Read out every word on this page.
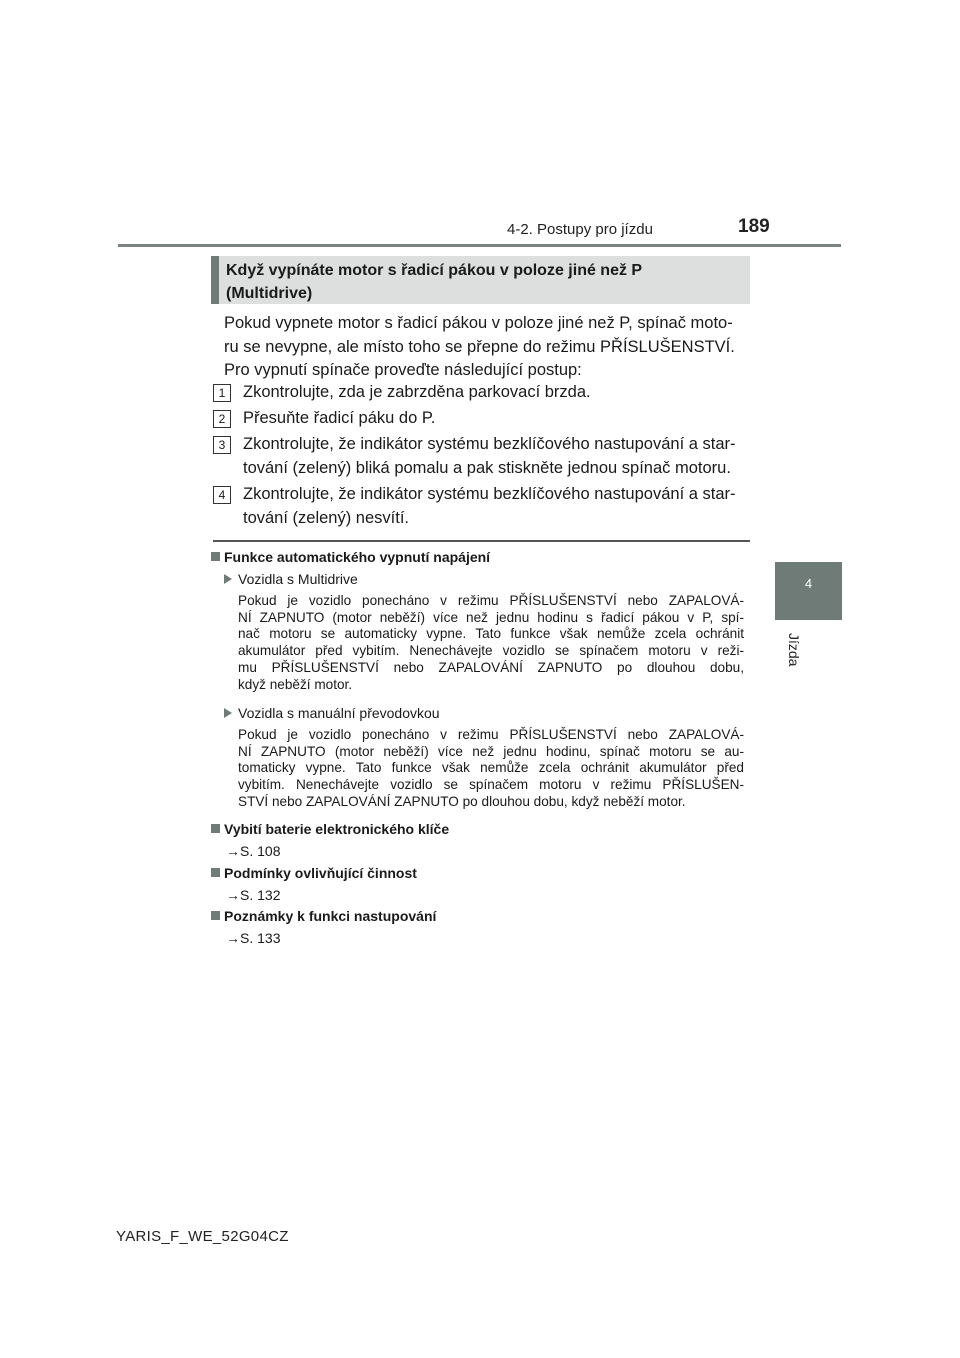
4-2. Postupy pro jízdu	189
4
Jízda
Když vypínáte motor s řadicí pákou v poloze jiné než P
(Multidrive)
Pokud vypnete motor s řadicí pákou v poloze jiné než P, spínač moto-
ru se nevypne, ale místo toho se přepne do režimu PŘÍSLUŠENSTVÍ.
Pro vypnutí spínače proveďte následující postup:
1	Zkontrolujte, zda je zabrzděna parkovací brzda.
2	Přesuňte řadicí páku do P.
3	Zkontrolujte, že indikátor systému bezklíčového nastupování a star-
tování (zelený) bliká pomalu a pak stiskněte jednou spínač motoru.
4	Zkontrolujte, že indikátor systému bezklíčového nastupování a star-
tování (zelený) nesvítí.
Funkce automatického vypnutí napájení
Vozidla s Multidrive
Pokud je vozidlo ponecháno v režimu PŘÍSLUŠENSTVÍ nebo ZAPALOVÁ-
NÍ ZAPNUTO (motor neběží) více než jednu hodinu s řadicí pákou v P, spí-
nač motoru se automaticky vypne. Tato funkce však nemůže zcela ochránit
akumulátor před vybitím. Nenechávejte vozidlo se spínačem motoru v reži-
mu PŘÍSLUŠENSTVÍ nebo ZAPALOVÁNÍ ZAPNUTO po dlouhou dobu,
když neběží motor.
Vozidla s manuální převodovkou
Pokud je vozidlo ponecháno v režimu PŘÍSLUŠENSTVÍ nebo ZAPALOVÁ-
NÍ ZAPNUTO (motor neběží) více než jednu hodinu, spínač motoru se au-
tomaticky vypne. Tato funkce však nemůže zcela ochránit akumulátor před
vybitím. Nenechávejte vozidlo se spínačem motoru v režimu PŘÍSLUŠEN-
STVÍ nebo ZAPALOVÁNÍ ZAPNUTO po dlouhou dobu, když neběží motor.
Vybití baterie elektronického klíče
→S. 108
Podmínky ovlivňující činnost
→S. 132
Poznámky k funkci nastupování
→S. 133
YARIS_F_WE_52G04CZ
